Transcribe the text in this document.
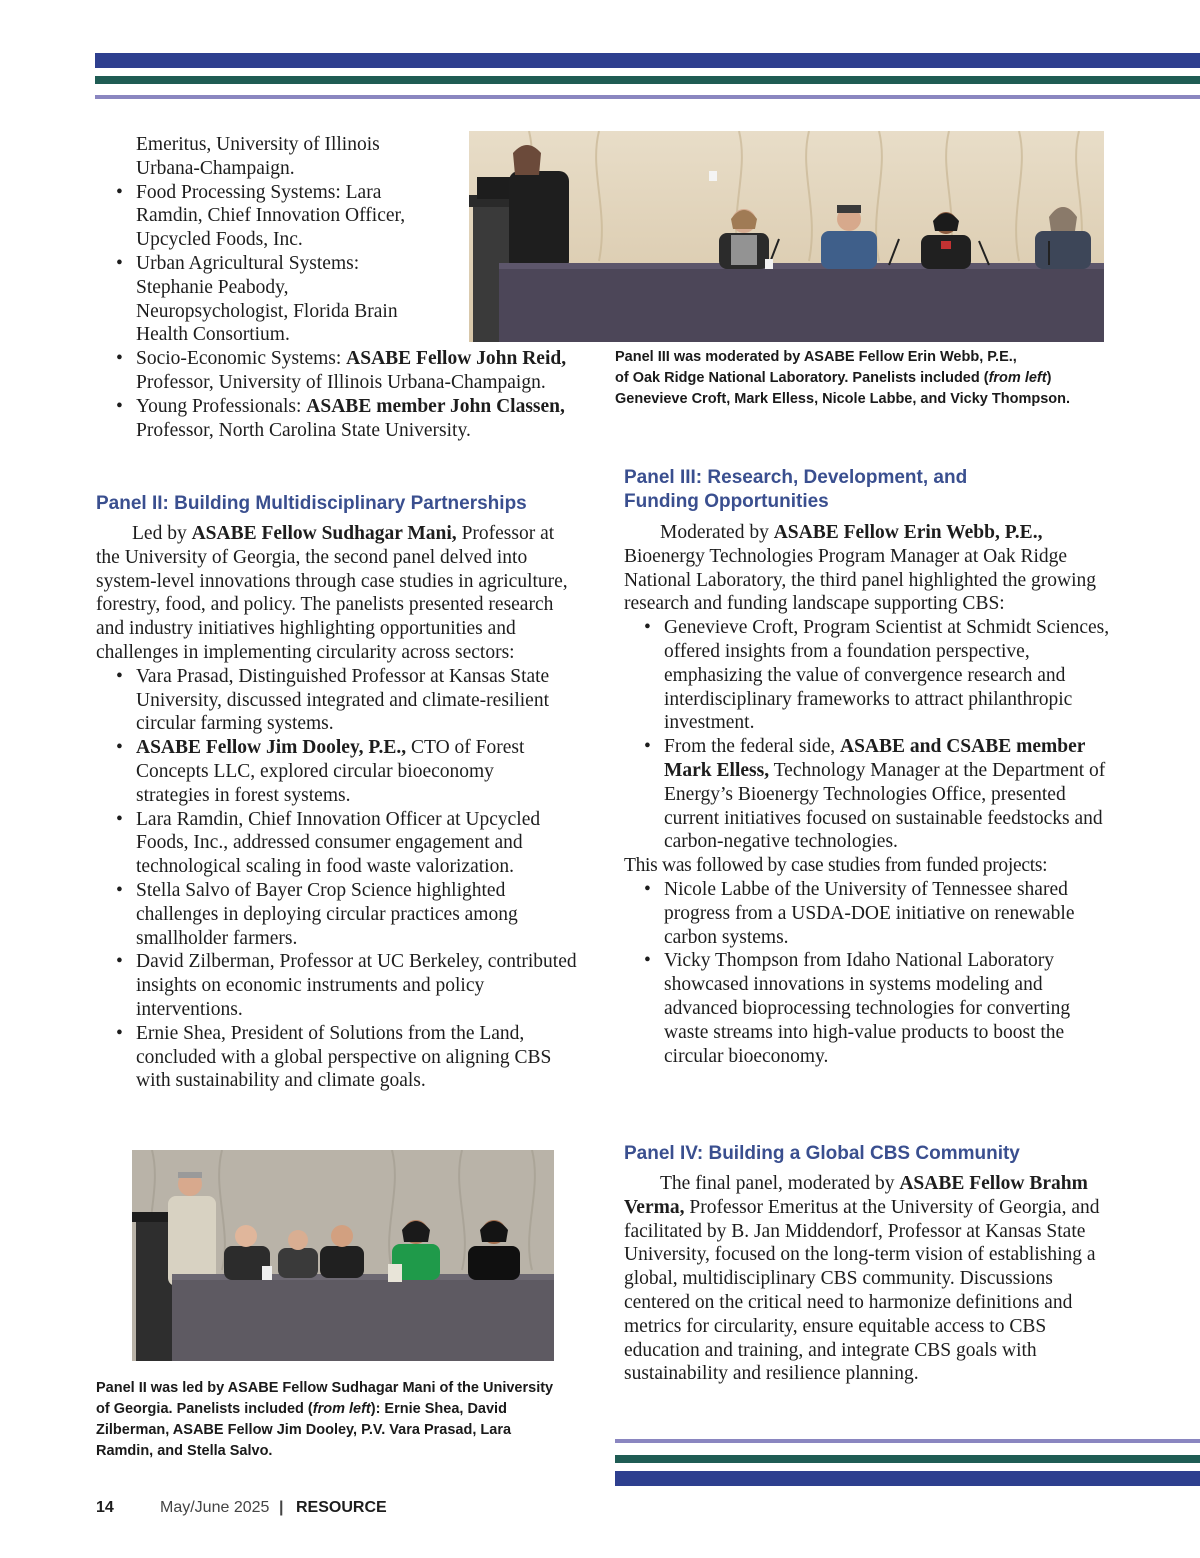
Emeritus, University of Illinois
Urbana-Champaign.
• Food Processing Systems: Lara Ramdin, Chief Innovation Officer, Upcycled Foods, Inc.
• Urban Agricultural Systems: Stephanie Peabody, Neuropsychologist, Florida Brain Health Consortium.
• Socio-Economic Systems: ASABE Fellow John Reid, Professor, University of Illinois Urbana-Champaign.
• Young Professionals: ASABE member John Classen, Professor, North Carolina State University.
Panel III was moderated by ASABE Fellow Erin Webb, P.E.,
of Oak Ridge National Laboratory. Panelists included (from left)
Genevieve Croft, Mark Elless, Nicole Labbe, and Vicky Thompson.
Panel II: Building Multidisciplinary Partnerships
Led by ASABE Fellow Sudhagar Mani, Professor at the University of Georgia, the second panel delved into system-level innovations through case studies in agriculture, forestry, food, and policy. The panelists presented research and industry initiatives highlighting opportunities and challenges in implementing circularity across sectors:
• Vara Prasad, Distinguished Professor at Kansas State University, discussed integrated and climate-resilient circular farming systems.
• ASABE Fellow Jim Dooley, P.E., CTO of Forest Concepts LLC, explored circular bioeconomy strategies in forest systems.
• Lara Ramdin, Chief Innovation Officer at Upcycled Foods, Inc., addressed consumer engagement and technological scaling in food waste valorization.
• Stella Salvo of Bayer Crop Science highlighted challenges in deploying circular practices among smallholder farmers.
• David Zilberman, Professor at UC Berkeley, contributed insights on economic instruments and policy interventions.
• Ernie Shea, President of Solutions from the Land, concluded with a global perspective on aligning CBS with sustainability and climate goals.
Panel II was led by ASABE Fellow Sudhagar Mani of the University of Georgia. Panelists included (from left): Ernie Shea, David Zilberman, ASABE Fellow Jim Dooley, P.V. Vara Prasad, Lara Ramdin, and Stella Salvo.
Panel III: Research, Development, and
Funding Opportunities
Moderated by ASABE Fellow Erin Webb, P.E., Bioenergy Technologies Program Manager at Oak Ridge National Laboratory, the third panel highlighted the growing research and funding landscape supporting CBS:
• Genevieve Croft, Program Scientist at Schmidt Sciences, offered insights from a foundation perspective, emphasizing the value of convergence research and interdisciplinary frameworks to attract philanthropic investment.
• From the federal side, ASABE and CSABE member Mark Elless, Technology Manager at the Department of Energy’s Bioenergy Technologies Office, presented current initiatives focused on sustainable feedstocks and carbon-negative technologies.
This was followed by case studies from funded projects:
• Nicole Labbe of the University of Tennessee shared progress from a USDA-DOE initiative on renewable carbon systems.
• Vicky Thompson from Idaho National Laboratory showcased innovations in systems modeling and advanced bioprocessing technologies for converting waste streams into high-value products to boost the circular bioeconomy.
Panel IV: Building a Global CBS Community
The final panel, moderated by ASABE Fellow Brahm Verma, Professor Emeritus at the University of Georgia, and facilitated by B. Jan Middendorf, Professor at Kansas State University, focused on the long-term vision of establishing a global, multidisciplinary CBS community. Discussions centered on the critical need to harmonize definitions and metrics for circularity, ensure equitable access to CBS education and training, and integrate CBS goals with sustainability and resilience planning.
14	May/June 2025 | RESOURCE
